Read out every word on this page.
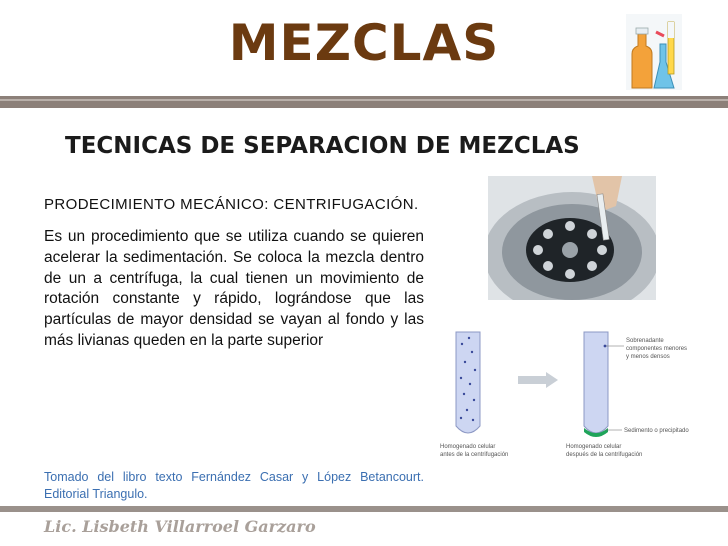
MEZCLAS
TECNICAS DE SEPARACION DE MEZCLAS
PRODECIMIENTO MECÁNICO: CENTRIFUGACIÓN.
Es un procedimiento que se utiliza cuando se quieren acelerar la sedimentación. Se coloca la mezcla dentro de un a centrífuga, la cual tienen un movimiento de rotación constante y rápido, lográndose que las partículas de mayor densidad se vayan al fondo y las más livianas queden en la parte superior	Sobrenadante
componentes menores
y menos densos
Sedimento o precipitado
Homogenado celular
antes de la centrifugación
Homogenado celular
después de la centrifugación
Tomado del libro texto Fernández Casar y López Betancourt. Editorial Triangulo.
Lic. Lisbeth Villarroel Garzaro
